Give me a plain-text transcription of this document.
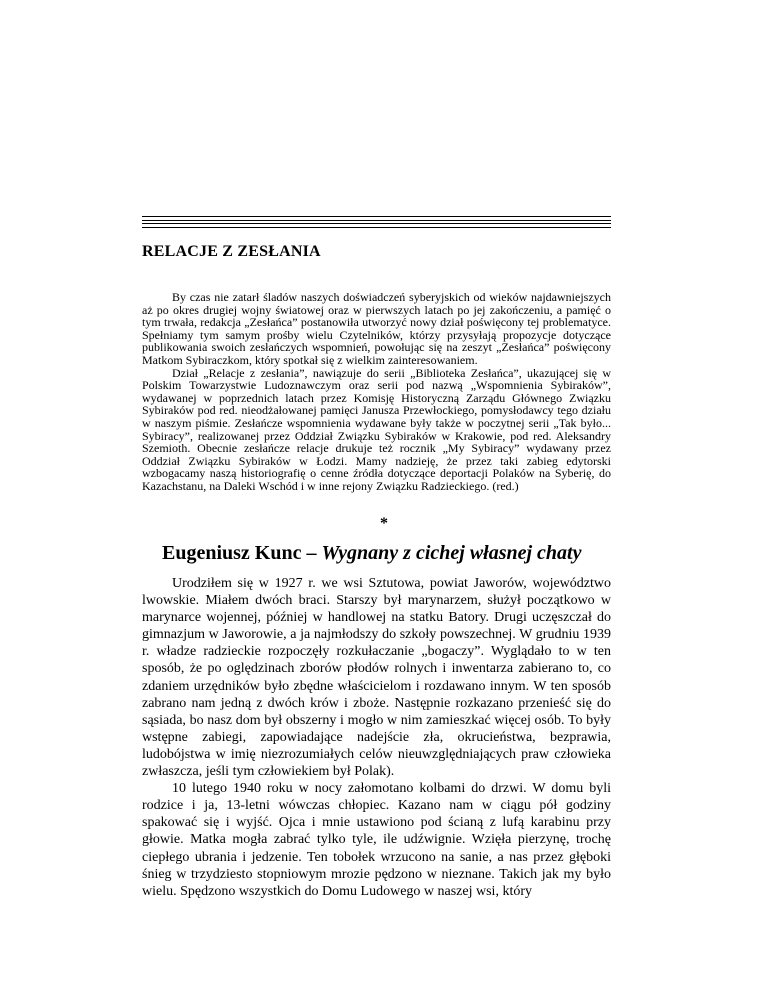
RELACJE Z ZESŁANIA

By czas nie zatarł śladów naszych doświadczeń syberyjskich od wieków najdawniejszych aż po okres drugiej wojny światowej oraz w pierwszych latach po jej zakończeniu, a pamięć o tym trwała, redakcja „Zesłańca” postanowiła utworzyć nowy dział poświęcony tej problematyce. Spełniamy tym samym prośby wielu Czytelników, którzy przysyłają propozycje dotyczące publikowania swoich zesłańczych wspomnień, powołując się na zeszyt „Zesłańca” poświęcony Matkom Sybiraczkom, który spotkał się z wielkim zainteresowaniem.

Dział „Relacje z zesłania”, nawiązuje do serii „Biblioteka Zesłańca”, ukazującej się w Polskim Towarzystwie Ludoznawczym oraz serii pod nazwą „Wspomnienia Sybiraków”, wydawanej w poprzednich latach przez Komisję Historyczną Zarządu Głównego Związku Sybiraków pod red. nieodżałowanej pamięci Janusza Przewłockiego, pomysłodawcy tego działu w naszym piśmie. Zesłańcze wspomnienia wydawane były także w poczytnej serii „Tak było... Sybiracy”, realizowanej przez Oddział Związku Sybiraków w Krakowie, pod red. Aleksandry Szemioth. Obecnie zesłańcze relacje drukuje też rocznik „My Sybiracy” wydawany przez Oddział Związku Sybiraków w Łodzi. Mamy nadzieję, że przez taki zabieg edytorski wzbogacamy naszą historiografię o cenne źródła dotyczące deportacji Polaków na Syberię, do Kazachstanu, na Daleki Wschód i w inne rejony Związku Radzieckiego. (red.)

*
Eugeniusz Kunc – Wygnany z cichej własnej chaty

Urodziłem się w 1927 r. we wsi Sztutowa, powiat Jaworów, województwo lwowskie. Miałem dwóch braci. Starszy był marynarzem, służył początkowo w marynarce wojennej, później w handlowej na statku Batory. Drugi uczęszczał do gimnazjum w Jaworowie, a ja najmłodszy do szkoły powszechnej. W grudniu 1939 r. władze radzieckie rozpoczęły rozkułaczanie „bogaczy”. Wyglądało to w ten sposób, że po oględzinach zborów płodów rolnych i inwentarza zabierano to, co zdaniem urzędników było zbędne właścicielom i rozdawano innym. W ten sposób zabrano nam jedną z dwóch krów i zboże. Następnie rozkazano przenieść się do sąsiada, bo nasz dom był obszerny i mogło w nim zamieszkać więcej osób. To były wstępne zabiegi, zapowiadające nadejście zła, okrucieństwa, bezprawia, ludobójstwa w imię niezrozumiałych celów nieuwzględniających praw człowieka zwłaszcza, jeśli tym człowiekiem był Polak).

10 lutego 1940 roku w nocy załomotano kolbami do drzwi. W domu byli rodzice i ja, 13-letni wówczas chłopiec. Kazano nam w ciągu pół godziny spakować się i wyjść. Ojca i mnie ustawiono pod ścianą z lufą karabinu przy głowie. Matka mogła zabrać tylko tyle, ile udźwignie. Wzięła pierzynę, trochę ciepłego ubrania i jedzenie. Ten tobołek wrzucono na sanie, a nas przez głęboki śnieg w trzydziesto stopniowym mrozie pędzono w nieznane. Takich jak my było wielu. Spędzono wszystkich do Domu Ludowego w naszej wsi, który
